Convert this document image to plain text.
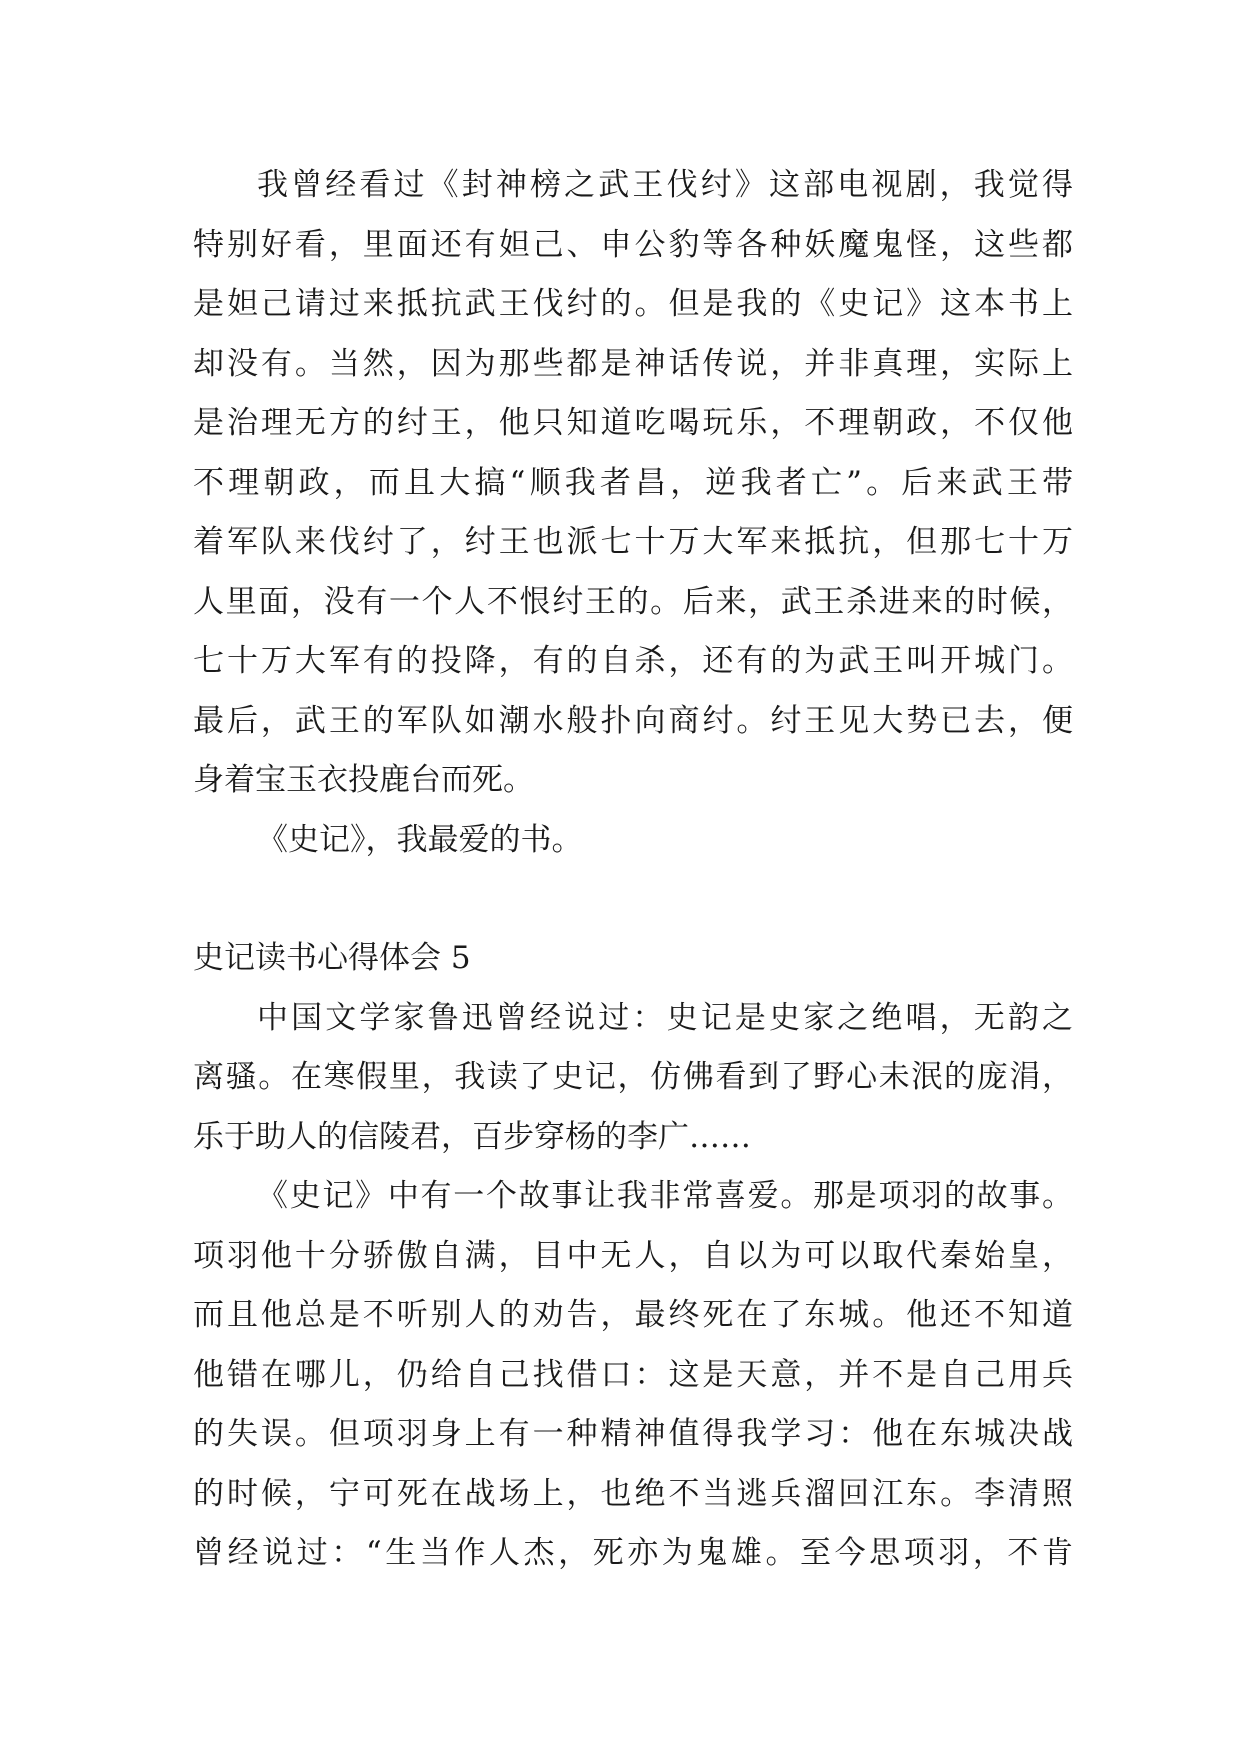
我曾经看过《封神榜之武王伐纣》这部电视剧，我觉得
特别好看，里面还有妲己、申公豹等各种妖魔鬼怪，这些都
是妲己请过来抵抗武王伐纣的。但是我的《史记》这本书上
却没有。当然，因为那些都是神话传说，并非真理，实际上
是治理无方的纣王，他只知道吃喝玩乐，不理朝政，不仅他
不理朝政，而且大搞“顺我者昌，逆我者亡”。后来武王带
着军队来伐纣了，纣王也派七十万大军来抵抗，但那七十万
人里面，没有一个人不恨纣王的。后来，武王杀进来的时候，
七十万大军有的投降，有的自杀，还有的为武王叫开城门。
最后，武王的军队如潮水般扑向商纣。纣王见大势已去，便
身着宝玉衣投鹿台而死。
《史记》，我最爱的书。
史记读书心得体会 5
中国文学家鲁迅曾经说过：史记是史家之绝唱，无韵之
离骚。在寒假里，我读了史记，仿佛看到了野心未泯的庞涓，
乐于助人的信陵君，百步穿杨的李广……
《史记》中有一个故事让我非常喜爱。那是项羽的故事。
项羽他十分骄傲自满，目中无人，自以为可以取代秦始皇，
而且他总是不听别人的劝告，最终死在了东城。他还不知道
他错在哪儿，仍给自己找借口：这是天意，并不是自己用兵
的失误。但项羽身上有一种精神值得我学习：他在东城决战
的时候，宁可死在战场上，也绝不当逃兵溜回江东。李清照
曾经说过：“生当作人杰，死亦为鬼雄。至今思项羽，不肯
